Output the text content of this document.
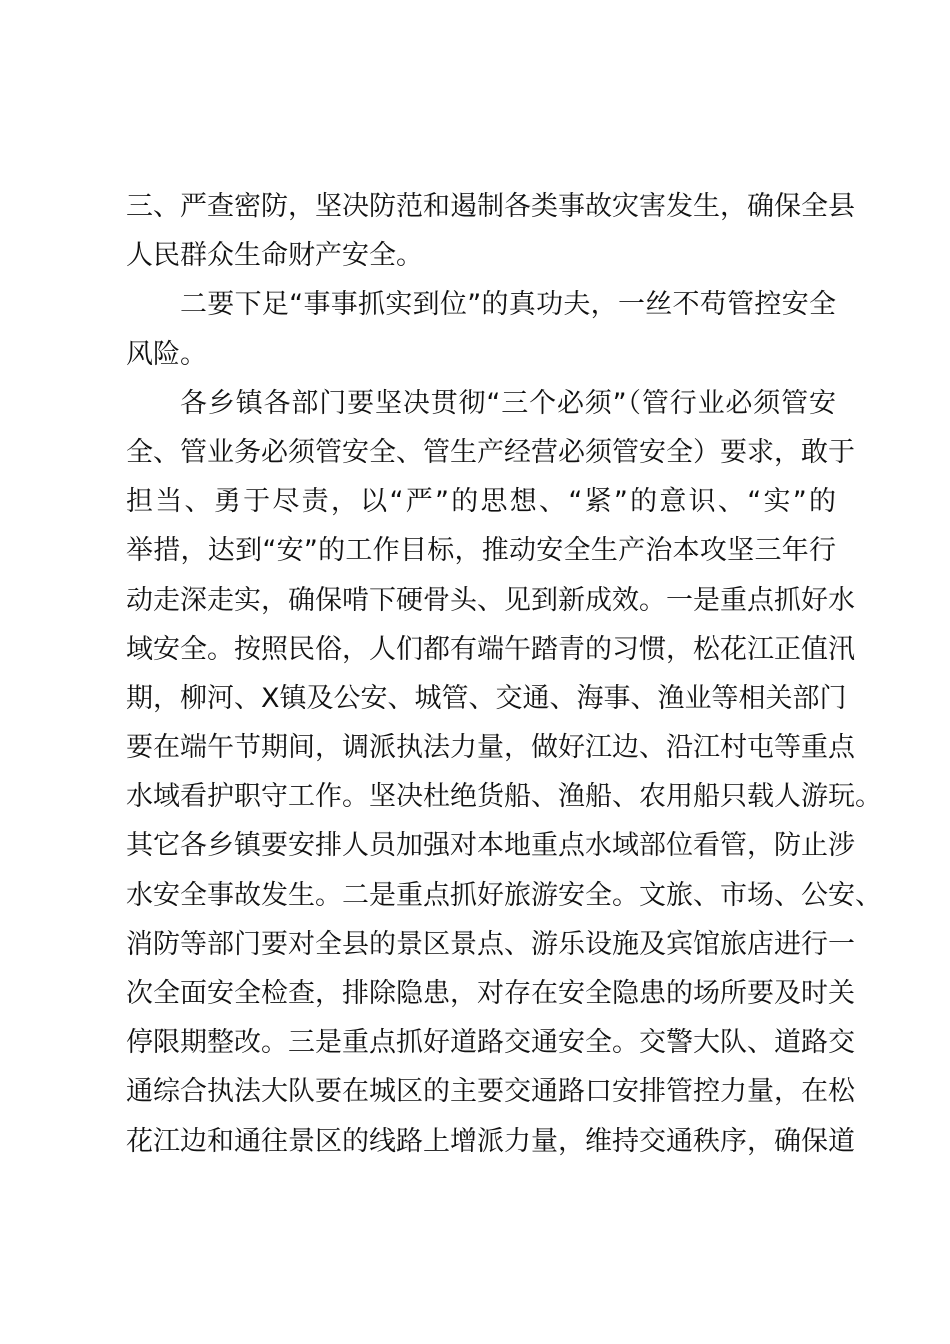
三、严查密防，坚决防范和遏制各类事故灾害发生，确保全县
人民群众生命财产安全。
二要下足“事事抓实到位”的真功夫，一丝不苟管控安全
风险。
各乡镇各部门要坚决贯彻“三个必须”（管行业必须管安
全、管业务必须管安全、管生产经营必须管安全）要求，敢于
担当、勇于尽责，以“严”的思想、“紧”的意识、“实”的
举措，达到“安”的工作目标，推动安全生产治本攻坚三年行
动走深走实，确保啃下硬骨头、见到新成效。一是重点抓好水
域安全。按照民俗，人们都有端午踏青的习惯，松花江正值汛
期，柳河、X镇及公安、城管、交通、海事、渔业等相关部门
要在端午节期间，调派执法力量，做好江边、沿江村屯等重点
水域看护职守工作。坚决杜绝货船、渔船、农用船只载人游玩。
其它各乡镇要安排人员加强对本地重点水域部位看管，防止涉
水安全事故发生。二是重点抓好旅游安全。文旅、市场、公安、
消防等部门要对全县的景区景点、游乐设施及宾馆旅店进行一
次全面安全检查，排除隐患，对存在安全隐患的场所要及时关
停限期整改。三是重点抓好道路交通安全。交警大队、道路交
通综合执法大队要在城区的主要交通路口安排管控力量，在松
花江边和通往景区的线路上增派力量，维持交通秩序，确保道
